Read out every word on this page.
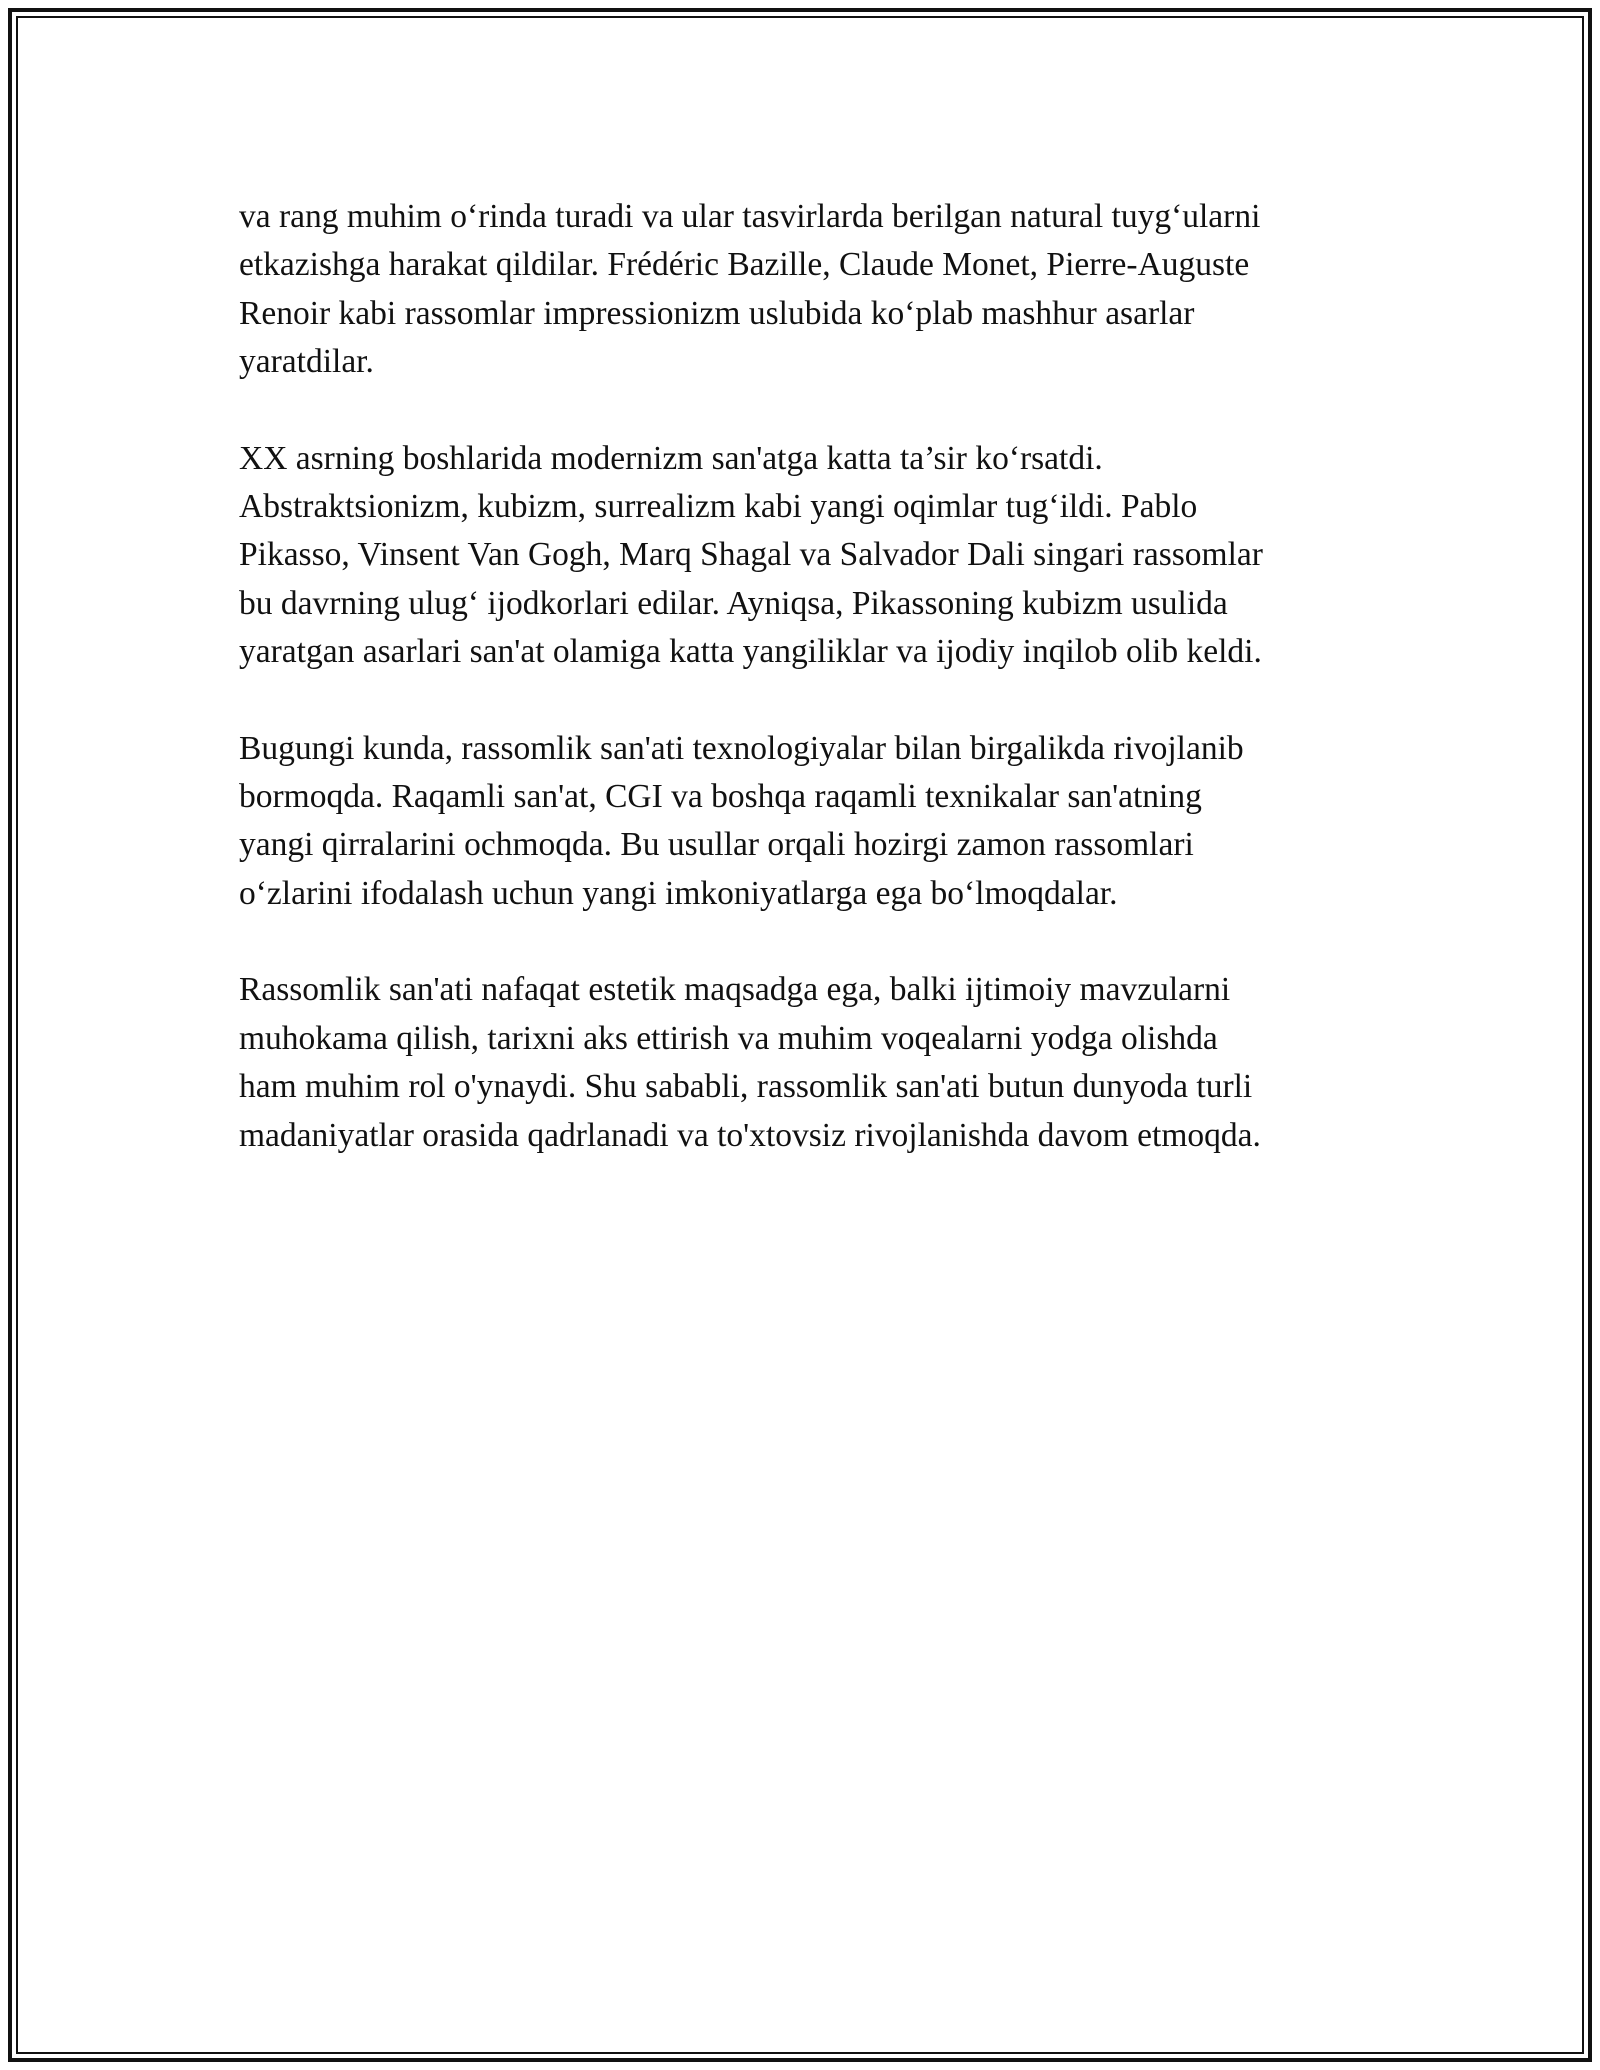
va rang muhim o‘rinda turadi va ular tasvirlarda berilgan natural tuyg‘ularni
etkazishga harakat qildilar. Frédéric Bazille, Claude Monet, Pierre-Auguste
Renoir kabi rassomlar impressionizm uslubida ko‘plab mashhur asarlar
yaratdilar.

XX asrning boshlarida modernizm san'atga katta ta’sir ko‘rsatdi.
Abstraktsionizm, kubizm, surrealizm kabi yangi oqimlar tug‘ildi. Pablo
Pikasso, Vinsent Van Gogh, Marq Shagal va Salvador Dali singari rassomlar
bu davrning ulug‘ ijodkorlari edilar. Ayniqsa, Pikassoning kubizm usulida
yaratgan asarlari san'at olamiga katta yangiliklar va ijodiy inqilob olib keldi.

Bugungi kunda, rassomlik san'ati texnologiyalar bilan birgalikda rivojlanib
bormoqda. Raqamli san'at, CGI va boshqa raqamli texnikalar san'atning
yangi qirralarini ochmoqda. Bu usullar orqali hozirgi zamon rassomlari
o‘zlarini ifodalash uchun yangi imkoniyatlarga ega bo‘lmoqdalar.

Rassomlik san'ati nafaqat estetik maqsadga ega, balki ijtimoiy mavzularni
muhokama qilish, tarixni aks ettirish va muhim voqealarni yodga olishda
ham muhim rol o'ynaydi. Shu sababli, rassomlik san'ati butun dunyoda turli
madaniyatlar orasida qadrlanadi va to'xtovsiz rivojlanishda davom etmoqda.
